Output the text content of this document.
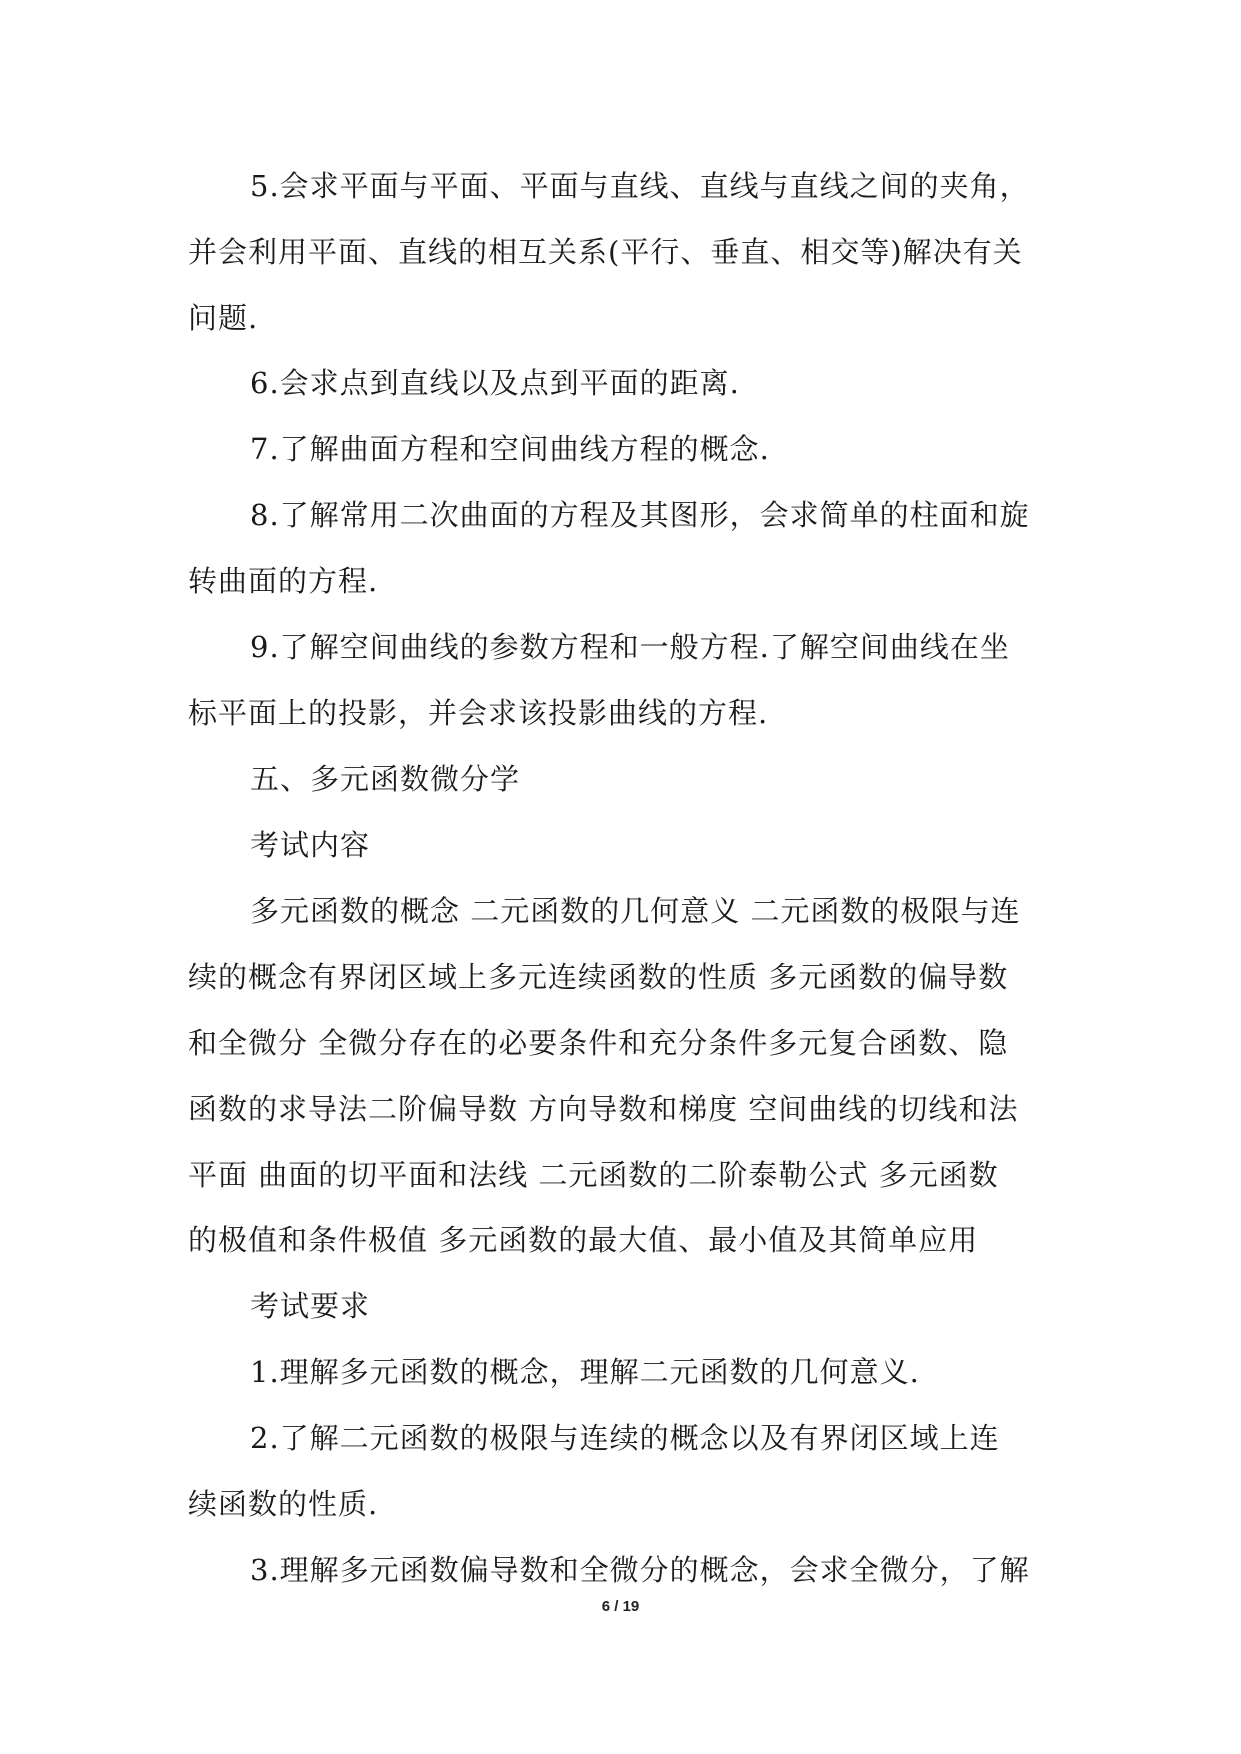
5.会求平面与平面、平面与直线、直线与直线之间的夹角，
并会利用平面、直线的相互关系(平行、垂直、相交等)解决有关
问题.
6.会求点到直线以及点到平面的距离.
7.了解曲面方程和空间曲线方程的概念.
8.了解常用二次曲面的方程及其图形，会求简单的柱面和旋
转曲面的方程.
9.了解空间曲线的参数方程和一般方程.了解空间曲线在坐
标平面上的投影，并会求该投影曲线的方程.
五、多元函数微分学
考试内容
多元函数的概念 二元函数的几何意义 二元函数的极限与连
续的概念有界闭区域上多元连续函数的性质 多元函数的偏导数
和全微分 全微分存在的必要条件和充分条件多元复合函数、隐
函数的求导法二阶偏导数 方向导数和梯度 空间曲线的切线和法
平面 曲面的切平面和法线 二元函数的二阶泰勒公式 多元函数
的极值和条件极值 多元函数的最大值、最小值及其简单应用
考试要求
1.理解多元函数的概念，理解二元函数的几何意义.
2.了解二元函数的极限与连续的概念以及有界闭区域上连
续函数的性质.
3.理解多元函数偏导数和全微分的概念，会求全微分，了解
6 / 19
